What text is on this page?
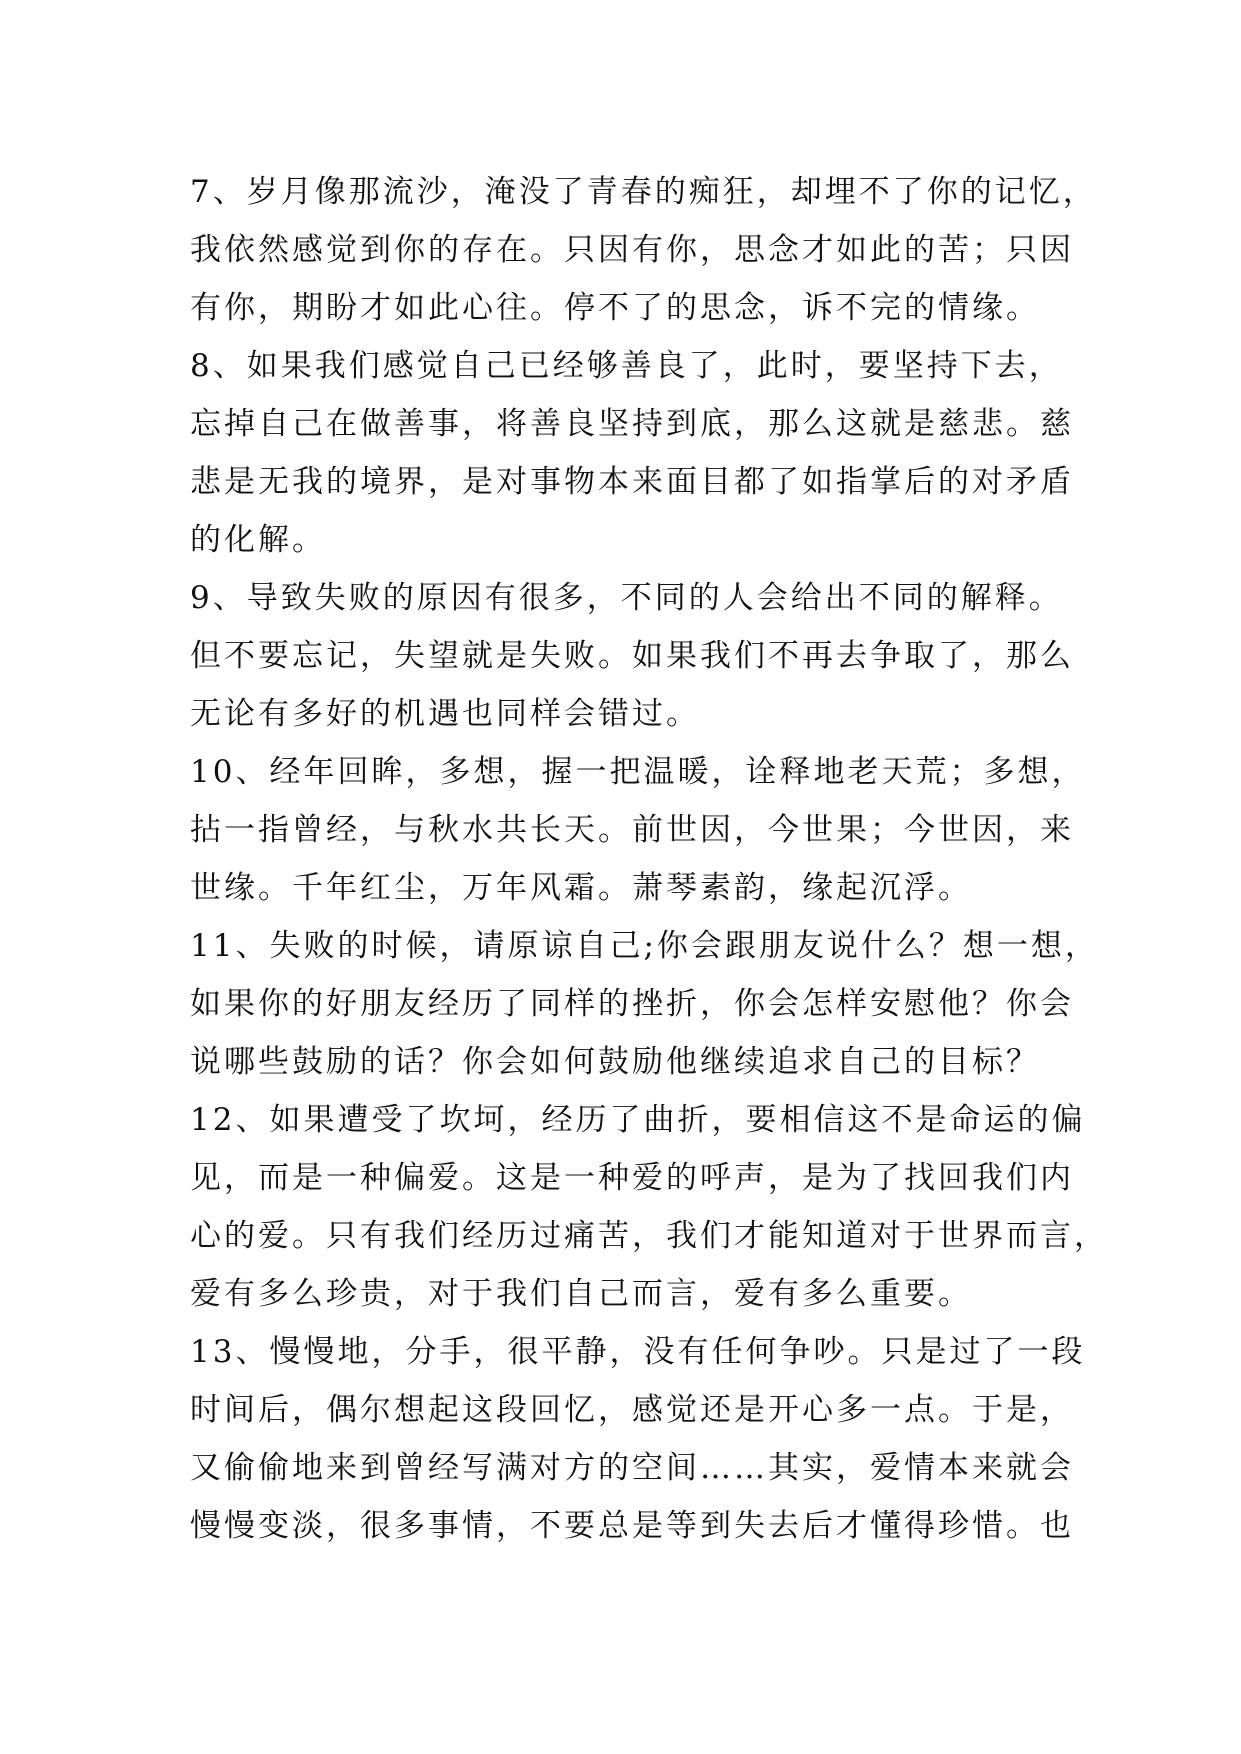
7、岁月像那流沙，淹没了青春的痴狂，却埋不了你的记忆，
我依然感觉到你的存在。只因有你，思念才如此的苦；只因
有你，期盼才如此心往。停不了的思念，诉不完的情缘。
8、如果我们感觉自己已经够善良了，此时，要坚持下去，
忘掉自己在做善事，将善良坚持到底，那么这就是慈悲。慈
悲是无我的境界，是对事物本来面目都了如指掌后的对矛盾
的化解。
9、导致失败的原因有很多，不同的人会给出不同的解释。
但不要忘记，失望就是失败。如果我们不再去争取了，那么
无论有多好的机遇也同样会错过。
10、经年回眸，多想，握一把温暖，诠释地老天荒；多想，
拈一指曾经，与秋水共长天。前世因，今世果；今世因，来
世缘。千年红尘，万年风霜。萧琴素韵，缘起沉浮。
11、失败的时候，请原谅自己;你会跟朋友说什么？想一想，
如果你的好朋友经历了同样的挫折，你会怎样安慰他？你会
说哪些鼓励的话？你会如何鼓励他继续追求自己的目标？
12、如果遭受了坎坷，经历了曲折，要相信这不是命运的偏
见，而是一种偏爱。这是一种爱的呼声，是为了找回我们内
心的爱。只有我们经历过痛苦，我们才能知道对于世界而言，
爱有多么珍贵，对于我们自己而言，爱有多么重要。
13、慢慢地，分手，很平静，没有任何争吵。只是过了一段
时间后，偶尔想起这段回忆，感觉还是开心多一点。于是，
又偷偷地来到曾经写满对方的空间……其实，爱情本来就会
慢慢变淡，很多事情，不要总是等到失去后才懂得珍惜。也
